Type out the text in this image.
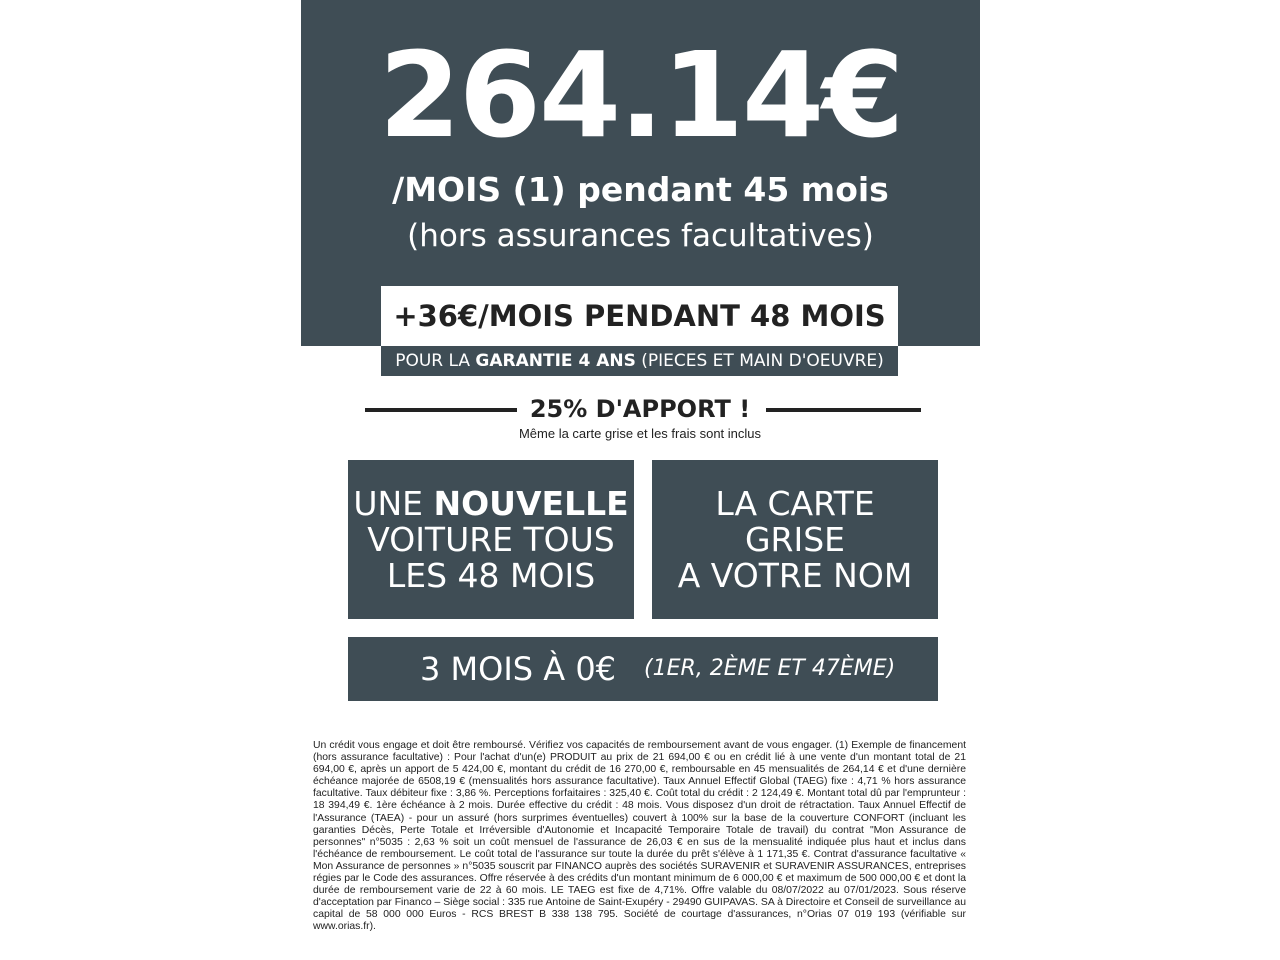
264.14€
/MOIS (1) pendant 45 mois
(hors assurances facultatives)
+36€/MOIS PENDANT 48 MOIS
POUR LA GARANTIE 4 ANS (PIECES ET MAIN D'OEUVRE)
25% D'APPORT !
Même la carte grise et les frais sont inclus
UNE NOUVELLE
VOITURE TOUS
LES 48 MOIS
LA CARTE
GRISE
A VOTRE NOM
3 MOIS À 0€ (1ER, 2ÈME ET 47ÈME)
Un crédit vous engage et doit être remboursé. Vérifiez vos capacités de remboursement avant de vous engager. (1) Exemple de financement (hors assurance facultative) : Pour l'achat d'un(e) PRODUIT au prix de 21 694,00 € ou en crédit lié à une vente d'un montant total de 21 694,00 €, après un apport de 5 424,00 €, montant du crédit de 16 270,00 €, remboursable en 45 mensualités de 264,14 € et d'une dernière échéance majorée de 6508,19 € (mensualités hors assurance facultative). Taux Annuel Effectif Global (TAEG) fixe : 4,71 % hors assurance facultative. Taux débiteur fixe : 3,86 %. Perceptions forfaitaires : 325,40 €. Coût total du crédit : 2 124,49 €. Montant total dû par l'emprunteur : 18 394,49 €. 1ère échéance à 2 mois. Durée effective du crédit : 48 mois. Vous disposez d'un droit de rétractation. Taux Annuel Effectif de l'Assurance (TAEA) - pour un assuré (hors surprimes éventuelles) couvert à 100% sur la base de la couverture CONFORT (incluant les garanties Décès, Perte Totale et Irréversible d'Autonomie et Incapacité Temporaire Totale de travail) du contrat "Mon Assurance de personnes" n°5035 : 2,63 % soit un coût mensuel de l'assurance de 26,03 € en sus de la mensualité indiquée plus haut et inclus dans l'échéance de remboursement. Le coût total de l'assurance sur toute la durée du prêt s'élève à 1 171,35 €. Contrat d'assurance facultative « Mon Assurance de personnes » n°5035 souscrit par FINANCO auprès des sociétés SURAVENIR et SURAVENIR ASSURANCES, entreprises régies par le Code des assurances. Offre réservée à des crédits d'un montant minimum de 6 000,00 € et maximum de 500 000,00 € et dont la durée de remboursement varie de 22 à 60 mois. LE TAEG est fixe de 4,71%. Offre valable du 08/07/2022 au 07/01/2023. Sous réserve d'acceptation par Financo – Siège social : 335 rue Antoine de Saint-Exupéry - 29490 GUIPAVAS. SA à Directoire et Conseil de surveillance au capital de 58 000 000 Euros - RCS BREST B 338 138 795. Société de courtage d'assurances, n°Orias 07 019 193 (vérifiable sur www.orias.fr).
